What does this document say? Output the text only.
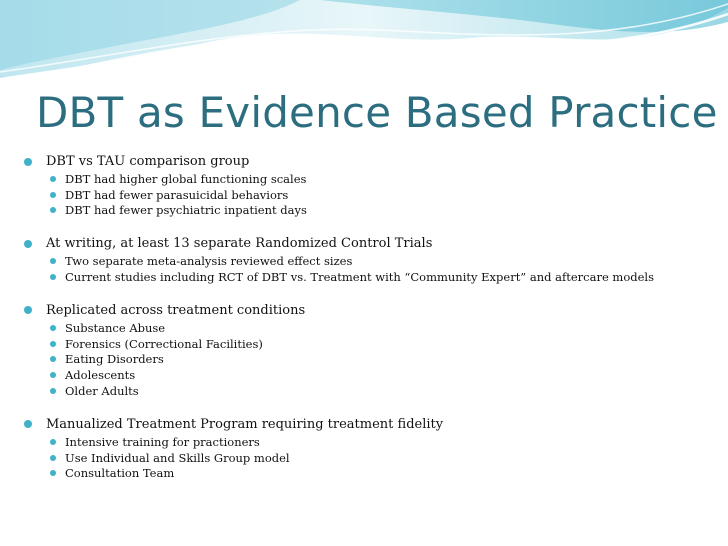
DBT as Evidence Based Practice
DBT vs TAU comparison group
DBT had higher global functioning scales
DBT had fewer parasuicidal behaviors
DBT had fewer psychiatric inpatient days
At writing, at least 13 separate Randomized Control Trials
Two separate meta-analysis reviewed effect sizes
Current studies including RCT of DBT vs. Treatment with “Community Expert” and aftercare models
Replicated across treatment conditions
Substance Abuse
Forensics (Correctional Facilities)
Eating Disorders
Adolescents
Older Adults
Manualized Treatment Program requiring treatment fidelity
Intensive training for practioners
Use Individual and Skills Group model
Consultation Team
